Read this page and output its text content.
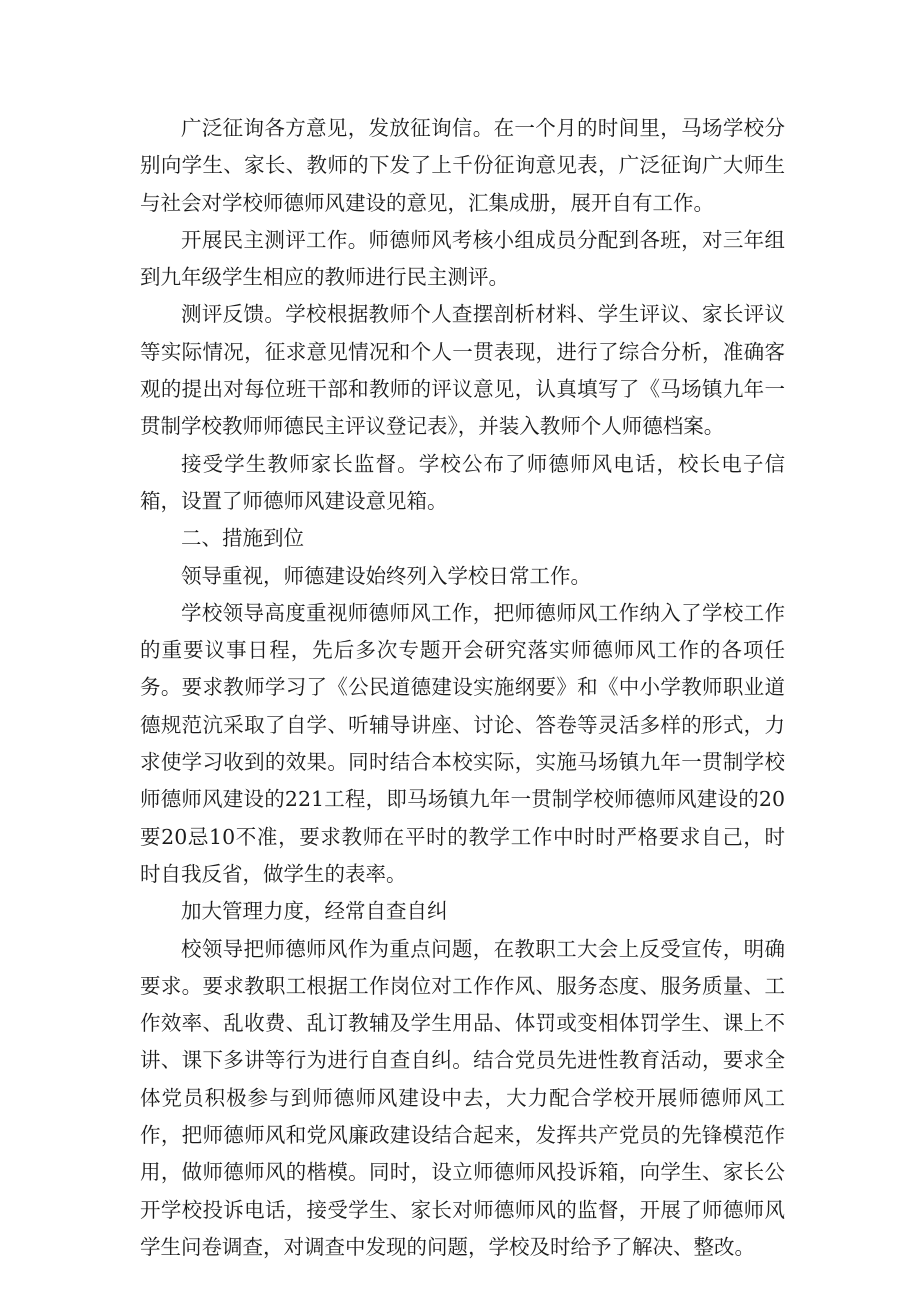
广泛征询各方意见，发放征询信。在一个月的时间里，马场学校分别向学生、家长、教师的下发了上千份征询意见表，广泛征询广大师生与社会对学校师德师风建设的意见，汇集成册，展开自有工作。

开展民主测评工作。师德师风考核小组成员分配到各班，对三年组到九年级学生相应的教师进行民主测评。

测评反馈。学校根据教师个人查摆剖析材料、学生评议、家长评议等实际情况，征求意见情况和个人一贯表现，进行了综合分析，准确客观的提出对每位班干部和教师的评议意见，认真填写了《马场镇九年一贯制学校教师师德民主评议登记表》，并装入教师个人师德档案。

接受学生教师家长监督。学校公布了师德师风电话，校长电子信箱，设置了师德师风建设意见箱。

二、措施到位

领导重视，师德建设始终列入学校日常工作。

学校领导高度重视师德师风工作，把师德师风工作纳入了学校工作的重要议事日程，先后多次专题开会研究落实师德师风工作的各项任务。要求教师学习了《公民道德建设实施纲要》和《中小学教师职业道德规范沆采取了自学、听辅导讲座、讨论、答卷等灵活多样的形式，力求使学习收到的效果。同时结合本校实际，实施马场镇九年一贯制学校师德师风建设的221工程，即马场镇九年一贯制学校师德师风建设的20要20忌10不准，要求教师在平时的教学工作中时时严格要求自己，时时自我反省，做学生的表率。

加大管理力度，经常自查自纠

校领导把师德师风作为重点问题，在教职工大会上反受宣传，明确要求。要求教职工根据工作岗位对工作作风、服务态度、服务质量、工作效率、乱收费、乱订教辅及学生用品、体罚或变相体罚学生、课上不讲、课下多讲等行为进行自查自纠。结合党员先进性教育活动，要求全体党员积极参与到师德师风建设中去，大力配合学校开展师德师风工作，把师德师风和党风廉政建设结合起来，发挥共产党员的先锋模范作用，做师德师风的楷模。同时，设立师德师风投诉箱，向学生、家长公开学校投诉电话，接受学生、家长对师德师风的监督，开展了师德师风学生问卷调查，对调查中发现的问题，学校及时给予了解决、整改。
